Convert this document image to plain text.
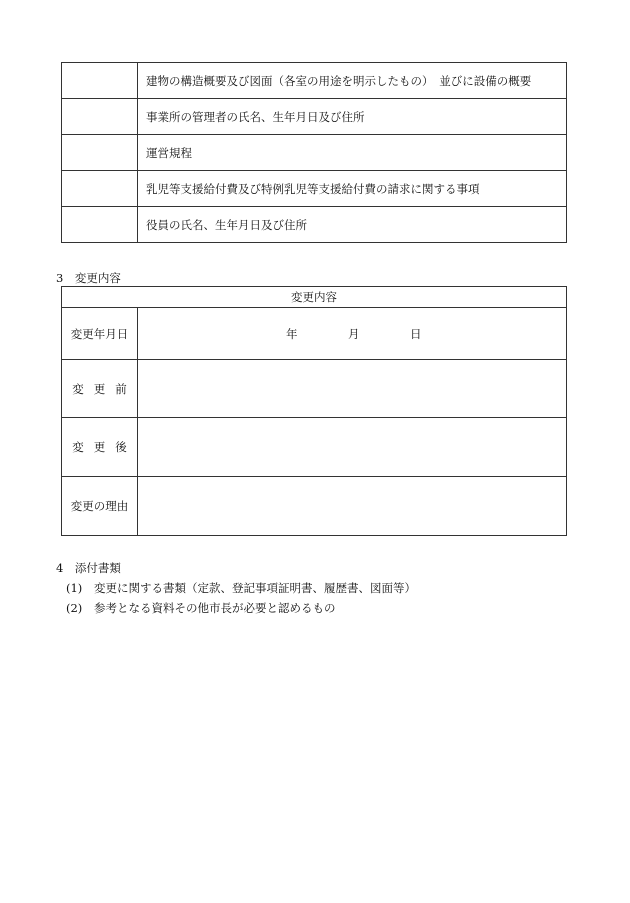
	建物の構造概要及び図面（各室の用途を明示したもの）　並びに設備の概要
	事業所の管理者の氏名、生年月日及び住所
	運営規程
	乳児等支援給付費及び特例乳児等支援給付費の請求に関する事項
	役員の氏名、生年月日及び住所
3　変更内容
変更内容	
変更年月日	年 月 日

変更前	
変更後	
変更の理由	
4　添付書類
(1) 変更に関する書類（定款、登記事項証明書、履歴書、図面等）
(2) 参考となる資料その他市長が必要と認めるもの
